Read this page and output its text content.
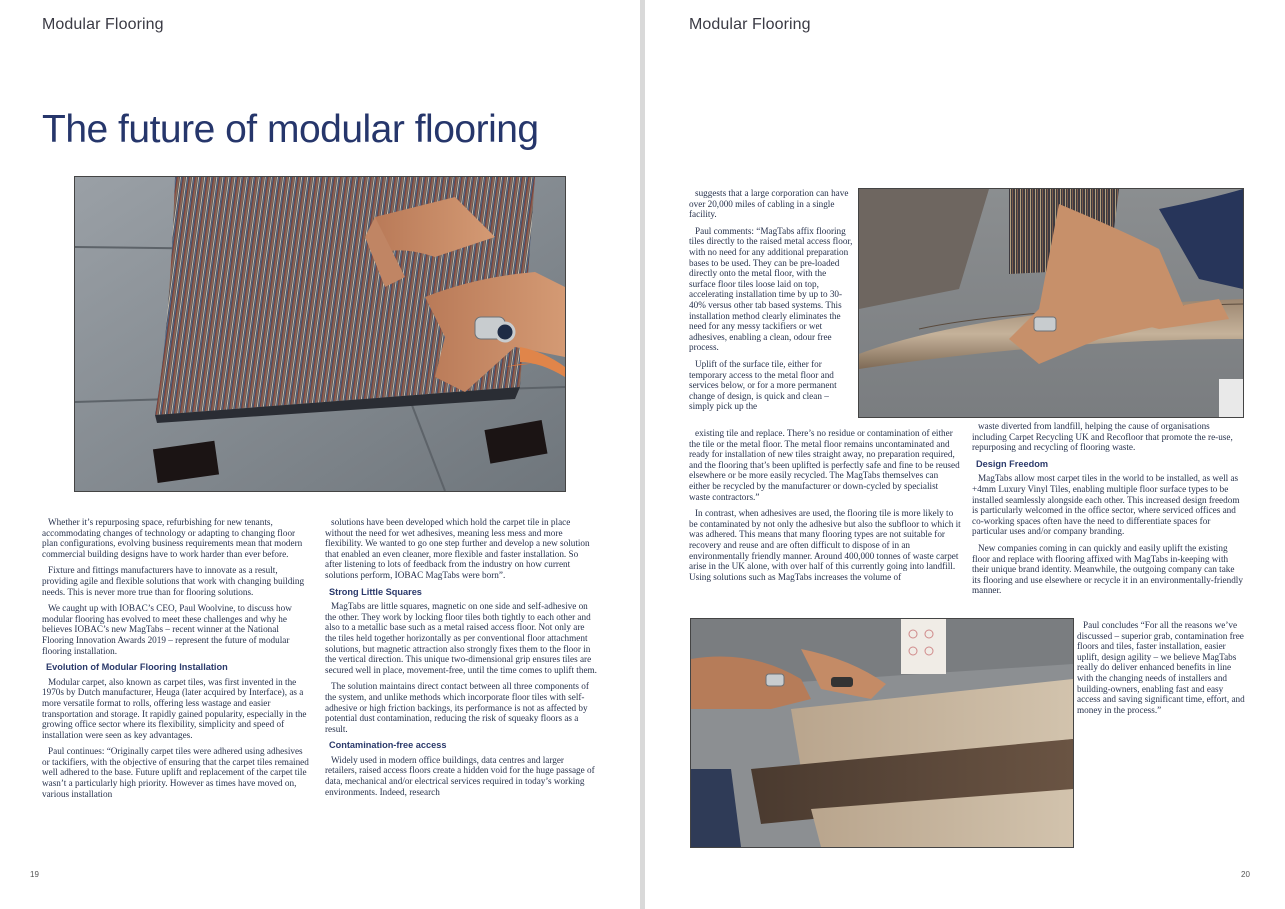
Modular Flooring
The future of modular flooring

Whether it’s repurposing space, refurbishing for new tenants, accommodating changes of technology or adapting to changing floor plan configurations, evolving business requirements mean that modern commercial building designs have to work harder than ever before.

Fixture and fittings manufacturers have to innovate as a result, providing agile and flexible solutions that work with changing building needs. This is never more true than for flooring solutions.

We caught up with IOBAC’s CEO, Paul Woolvine, to discuss how modular flooring has evolved to meet these challenges and why he believes IOBAC’s new MagTabs – recent winner at the National Flooring Innovation Awards 2019 – represent the future of modular flooring installation.

Evolution of Modular Flooring Installation

Modular carpet, also known as carpet tiles, was first invented in the 1970s by Dutch manufacturer, Heuga (later acquired by Interface), as a more versatile format to rolls, offering less wastage and easier transportation and storage. It rapidly gained popularity, especially in the growing office sector where its flexibility, simplicity and speed of installation were seen as key advantages.

Paul continues: “Originally carpet tiles were adhered using adhesives or tackifiers, with the objective of ensuring that the carpet tiles remained well adhered to the base. Future uplift and replacement of the carpet tile wasn’t a particularly high priority. However as times have moved on, various installation

solutions have been developed which hold the carpet tile in place without the need for wet adhesives, meaning less mess and more flexibility. We wanted to go one step further and develop a new solution that enabled an even cleaner, more flexible and faster installation. So after listening to lots of feedback from the industry on how current solutions perform, IOBAC MagTabs were born”.

Strong Little Squares

MagTabs are little squares, magnetic on one side and self-adhesive on the other. They work by locking floor tiles both tightly to each other and also to a metallic base such as a metal raised access floor. Not only are the tiles held together horizontally as per conventional floor attachment solutions, but magnetic attraction also strongly fixes them to the floor in the vertical direction. This unique two-dimensional grip ensures tiles are secured well in place, movement-free, until the time comes to uplift them.

The solution maintains direct contact between all three components of the system, and unlike methods which incorporate floor tiles with self-adhesive or high friction backings, its performance is not as affected by potential dust contamination, reducing the risk of squeaky floors as a result.

Contamination-free access

Widely used in modern office buildings, data centres and larger retailers, raised access floors create a hidden void for the huge passage of data, mechanical and/or electrical services required in today’s working environments. Indeed, research

19
Modular Flooring

suggests that a large corporation can have over 20,000 miles of cabling in a single facility.

Paul comments: “MagTabs affix flooring tiles directly to the raised metal access floor, with no need for any additional preparation bases to be used. They can be pre-loaded directly onto the metal floor, with the surface floor tiles loose laid on top, accelerating installation time by up to 30-40% versus other tab based systems. This installation method clearly eliminates the need for any messy tackifiers or wet adhesives, enabling a clean, odour free process.

Uplift of the surface tile, either for temporary access to the metal floor and services below, or for a more permanent change of design, is quick and clean – simply pick up the

existing tile and replace. There’s no residue or contamination of either the tile or the metal floor. The metal floor remains uncontaminated and ready for installation of new tiles straight away, no preparation required, and the flooring that’s been uplifted is perfectly safe and fine to be reused elsewhere or be more easily recycled. The MagTabs themselves can either be recycled by the manufacturer or down-cycled by specialist waste contractors.”

In contrast, when adhesives are used, the flooring tile is more likely to be contaminated by not only the adhesive but also the subfloor to which it was adhered. This means that many flooring types are not suitable for recovery and reuse and are often difficult to dispose of in an environmentally friendly manner. Around 400,000 tonnes of waste carpet arise in the UK alone, with over half of this currently going into landfill. Using solutions such as MagTabs increases the volume of

waste diverted from landfill, helping the cause of organisations including Carpet Recycling UK and Recofloor that promote the re-use, repurposing and recycling of flooring waste.

Design Freedom

MagTabs allow most carpet tiles in the world to be installed, as well as +4mm Luxury Vinyl Tiles, enabling multiple floor surface types to be installed seamlessly alongside each other. This increased design freedom is particularly welcomed in the office sector, where serviced offices and co-working spaces often have the need to differentiate spaces for particular uses and/or company branding.

New companies coming in can quickly and easily uplift the existing floor and replace with flooring affixed with MagTabs in-keeping with their unique brand identity. Meanwhile, the outgoing company can take its flooring and use elsewhere or recycle it in an environmentally-friendly manner.

Paul concludes “For all the reasons we’ve discussed – superior grab, contamination free floors and tiles, faster installation, easier uplift, design agility – we believe MagTabs really do deliver enhanced benefits in line with the changing needs of installers and building-owners, enabling fast and easy access and saving significant time, effort, and money in the process.”

20
